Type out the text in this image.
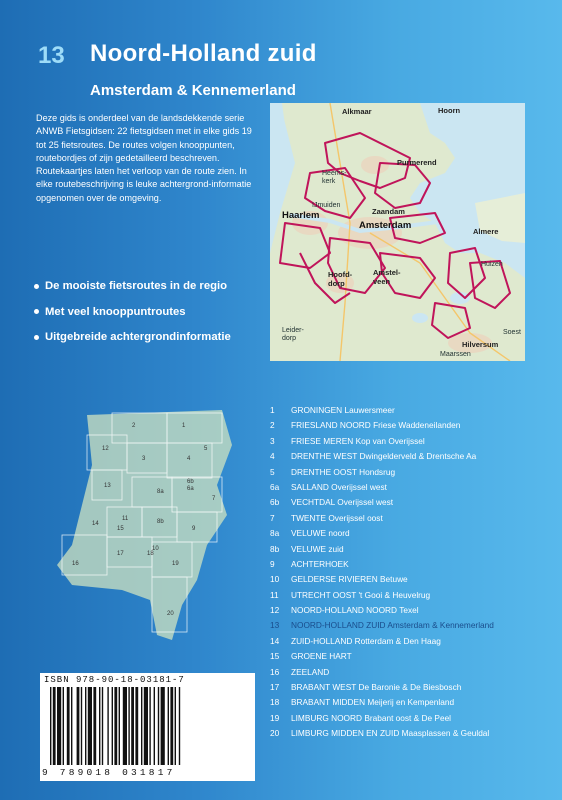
13 Noord-Holland zuid
Amsterdam & Kennemerland
Deze gids is onderdeel van de landsdekkende serie ANWB Fietsgidsen: 22 fietsgidsen met in elke gids 19 tot 25 fietsroutes. De routes volgen knooppunten, routebordjes of zijn gedetailleerd beschreven. Routekaartjes laten het verloop van de route zien. In elke routebeschrijving is leuke achtergrond-informatie opgenomen over de omgeving.
De mooiste fietsroutes in de regio
Met veel knooppuntroutes
Uitgebreide achtergrondinformatie
Alkmaar	Hoorn
Purmerend
Heems-kerk
IJmuiden
Haarlem	Zaandam
Amsterdam
Almere
Huizen
Hoofd-dorp
Amstel-veen
Leider-dorp
Soest
Hilversum
Maarssen
1
2
3	4
5
6a
6b
7
8a
8b
9
10
11
12
13
14
15
16
17	18
19
20
1	GRONINGEN Lauwersmeer
2	FRIESLAND NOORD Friese Waddeneilanden
3	FRIESE MEREN Kop van Overijssel
4	DRENTHE WEST Dwingelderveld & Drentsche Aa
5	DRENTHE OOST Hondsrug
6a	SALLAND Overijssel west
6b	VECHTDAL Overijssel west
7	TWENTE Overijssel oost
8a	VELUWE noord
8b	VELUWE zuid
9	ACHTERHOEK
10	GELDERSE RIVIEREN Betuwe
11	UTRECHT OOST 't Gooi & Heuvelrug
12	NOORD-HOLLAND NOORD Texel
13	NOORD-HOLLAND ZUID Amsterdam & Kennemerland
14	ZUID-HOLLAND Rotterdam & Den Haag
15	GROENE HART
16	ZEELAND
17	BRABANT WEST De Baronie & De Biesbosch
18	BRABANT MIDDEN Meijerij en Kempenland
19	LIMBURG NOORD Brabant oost & De Peel
20	LIMBURG MIDDEN EN ZUID Maasplassen & Geuldal
ISBN 978-90-18-03181-7
9 789018 031817
